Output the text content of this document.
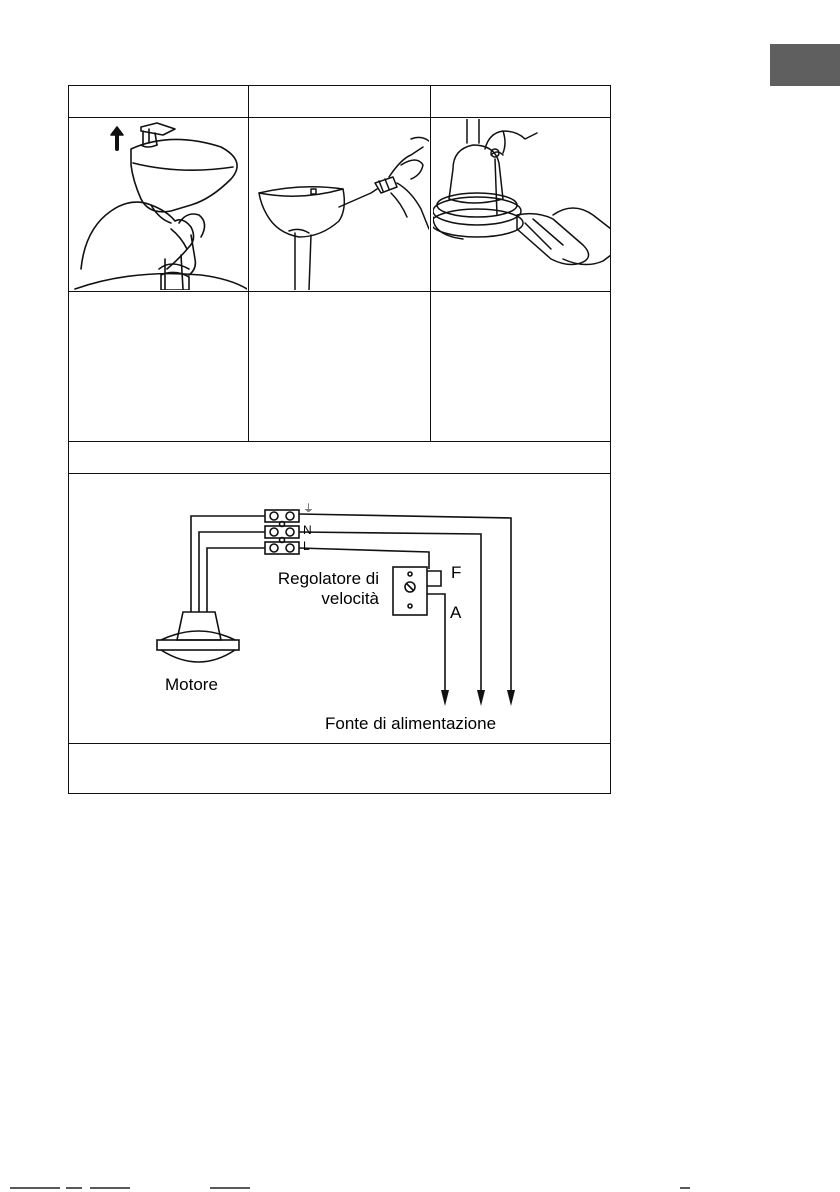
⏚
N
L
Regolatore di
velocità
F
A
Motore
Fonte di alimentazione
